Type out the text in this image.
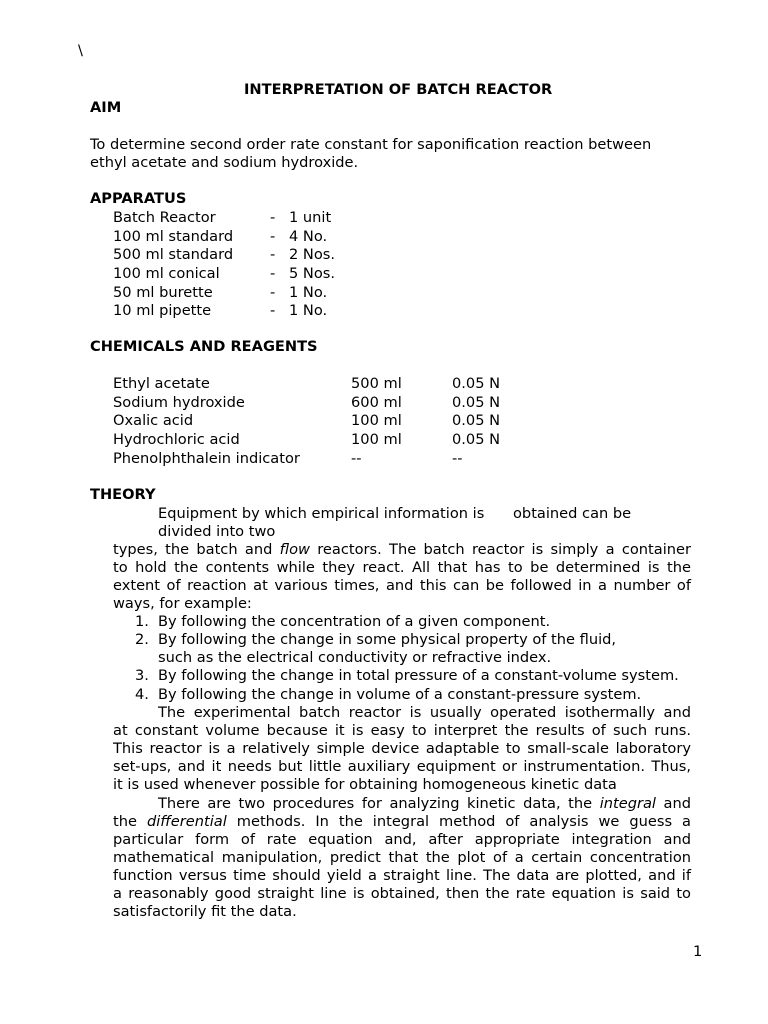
\
INTERPRETATION OF BATCH REACTOR
AIM
To determine second order rate constant for saponification reaction between
ethyl acetate and sodium hydroxide.
APPARATUS
Batch Reactor	- 1 unit
100 ml standard	- 4 No.
500 ml standard	- 2 Nos.
100 ml conical	- 5 Nos.
50 ml burette	- 1 No.
10 ml pipette	- 1 No.
CHEMICALS AND REAGENTS
Ethyl acetate	500 ml	0.05 N
Sodium hydroxide	600 ml	0.05 N
Oxalic acid	100 ml	0.05 N
Hydrochloric acid	100 ml	0.05 N
Phenolphthalein indicator	--	--
THEORY
Equipment by which empirical information is obtained can be
divided into two
types, the batch and flow reactors. The batch reactor is simply a container
to hold the contents while they react. All that has to be determined is the
extent of reaction at various times, and this can be followed in a number of
ways, for example:
1. By following the concentration of a given component.
2. By following the change in some physical property of the fluid,
such as the electrical conductivity or refractive index.
3. By following the change in total pressure of a constant-volume system.
4. By following the change in volume of a constant-pressure system.
The experimental batch reactor is usually operated isothermally and
at constant volume because it is easy to interpret the results of such runs.
This reactor is a relatively simple device adaptable to small-scale laboratory
set-ups, and it needs but little auxiliary equipment or instrumentation. Thus,
it is used whenever possible for obtaining homogeneous kinetic data
There are two procedures for analyzing kinetic data, the integral and
the differential methods. In the integral method of analysis we guess a
particular form of rate equation and, after appropriate integration and
mathematical manipulation, predict that the plot of a certain concentration
function versus time should yield a straight line. The data are plotted, and if
a reasonably good straight line is obtained, then the rate equation is said to
satisfactorily fit the data.
1
